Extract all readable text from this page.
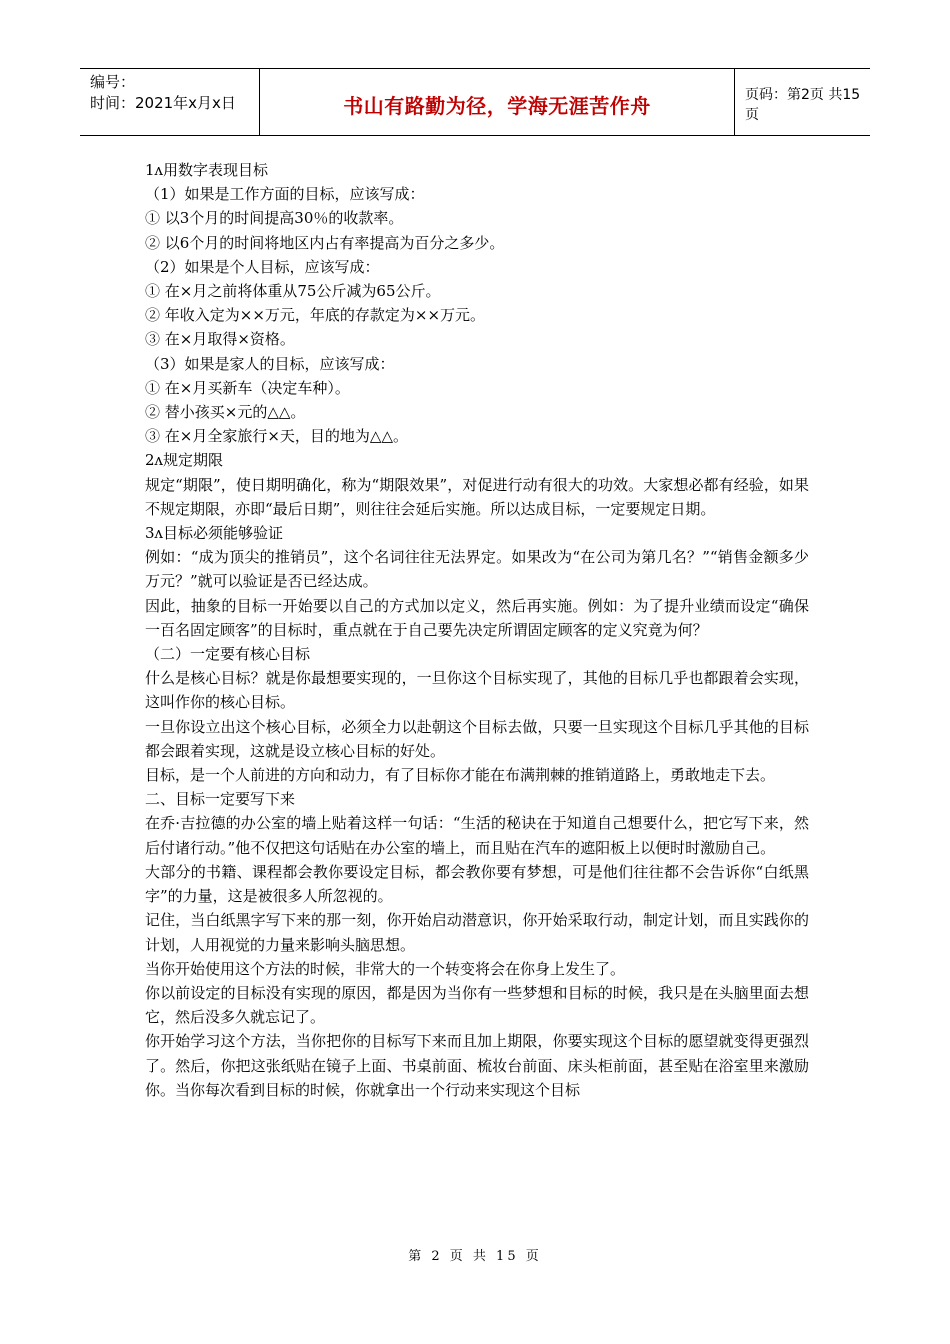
编号：
时间：2021年x月x日	书山有路勤为径，学海无涯苦作舟	页码：第2页 共15页

1ʌ用数字表现目标

（1）如果是工作方面的目标，应该写成：

① 以3个月的时间提高30％的收款率。

② 以6个月的时间将地区内占有率提高为百分之多少。

（2）如果是个人目标，应该写成：

① 在×月之前将体重从75公斤减为65公斤。

② 年收入定为××万元，年底的存款定为××万元。

③ 在×月取得×资格。

（3）如果是家人的目标，应该写成：

① 在×月买新车（决定车种）。

② 替小孩买×元的△△。

③ 在×月全家旅行×天，目的地为△△。

2ʌ规定期限

规定“期限”，使日期明确化，称为“期限效果”，对促进行动有很大的功效。大家想必都有经验，如果不规定期限，亦即“最后日期”，则往往会延后实施。所以达成目标，一定要规定日期。

3ʌ目标必须能够验证

例如：“成为顶尖的推销员”，这个名词往往无法界定。如果改为“在公司为第几名？”“销售金额多少万元？”就可以验证是否已经达成。

因此，抽象的目标一开始要以自己的方式加以定义，然后再实施。例如：为了提升业绩而设定“确保一百名固定顾客”的目标时，重点就在于自己要先决定所谓固定顾客的定义究竟为何？

（二）一定要有核心目标

什么是核心目标？就是你最想要实现的，一旦你这个目标实现了，其他的目标几乎也都跟着会实现，这叫作你的核心目标。

一旦你设立出这个核心目标，必须全力以赴朝这个目标去做，只要一旦实现这个目标几乎其他的目标都会跟着实现，这就是设立核心目标的好处。

目标，是一个人前进的方向和动力，有了目标你才能在布满荆棘的推销道路上，勇敢地走下去。

二、目标一定要写下来

在乔·吉拉德的办公室的墙上贴着这样一句话：“生活的秘诀在于知道自己想要什么，把它写下来，然后付诸行动。”他不仅把这句话贴在办公室的墙上，而且贴在汽车的遮阳板上以便时时激励自己。

大部分的书籍、课程都会教你要设定目标，都会教你要有梦想，可是他们往往都不会告诉你“白纸黑字”的力量，这是被很多人所忽视的。

记住，当白纸黑字写下来的那一刻，你开始启动潜意识，你开始采取行动，制定计划，而且实践你的计划，人用视觉的力量来影响头脑思想。

当你开始使用这个方法的时候，非常大的一个转变将会在你身上发生了。

你以前设定的目标没有实现的原因，都是因为当你有一些梦想和目标的时候，我只是在头脑里面去想它，然后没多久就忘记了。

你开始学习这个方法，当你把你的目标写下来而且加上期限，你要实现这个目标的愿望就变得更强烈了。然后，你把这张纸贴在镜子上面、书桌前面、梳妆台前面、床头柜前面，甚至贴在浴室里来激励你。当你每次看到目标的时候，你就拿出一个行动来实现这个目标

第 2 页 共 15 页
